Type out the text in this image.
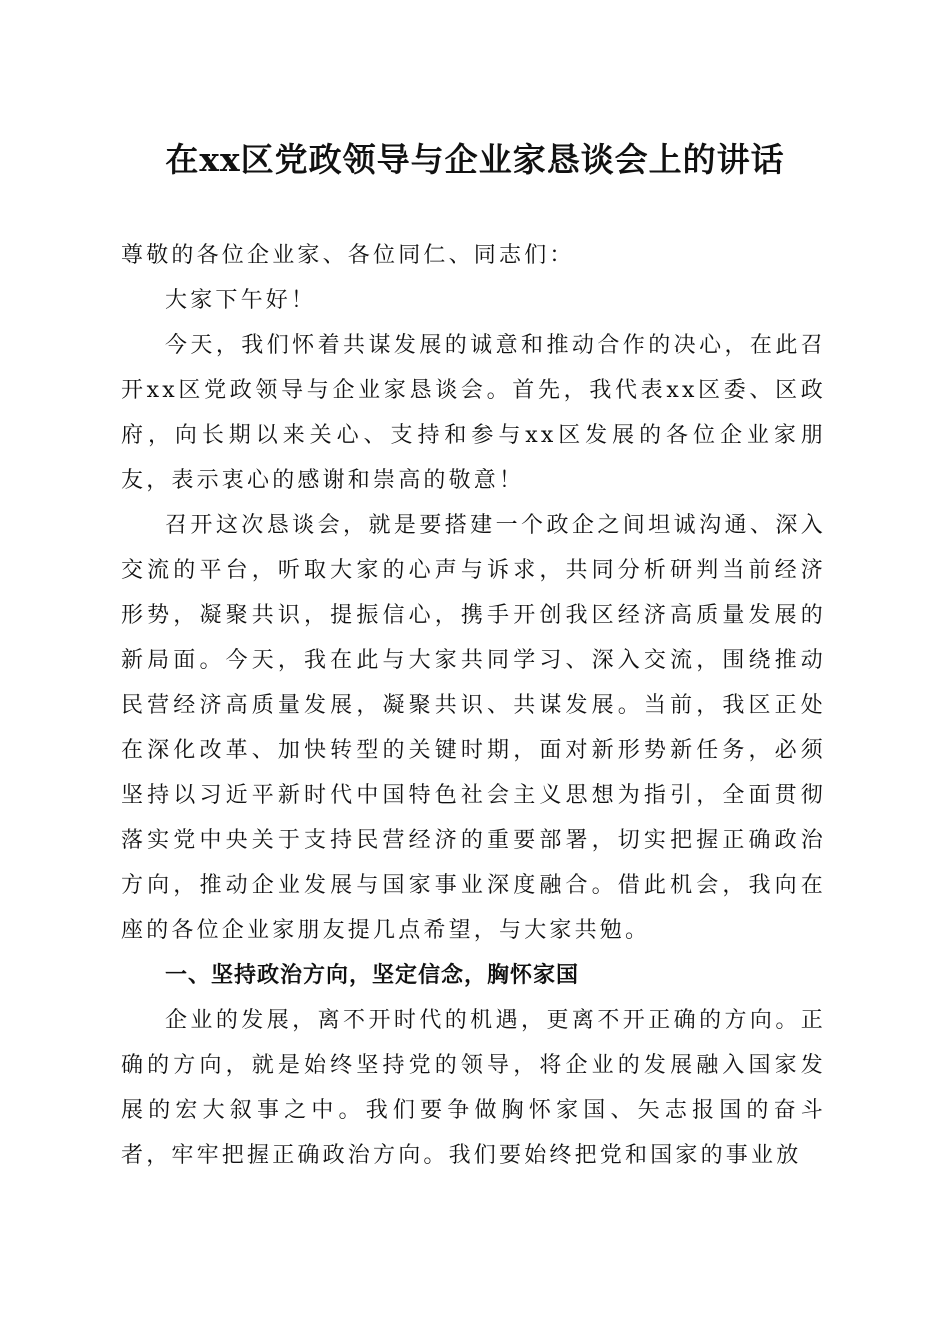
在xx区党政领导与企业家恳谈会上的讲话

尊敬的各位企业家、各位同仁、同志们：

大家下午好！

今天，我们怀着共谋发展的诚意和推动合作的决心，在此召开xx区党政领导与企业家恳谈会。首先，我代表xx区委、区政府，向长期以来关心、支持和参与xx区发展的各位企业家朋友，表示衷心的感谢和崇高的敬意！

召开这次恳谈会，就是要搭建一个政企之间坦诚沟通、深入交流的平台，听取大家的心声与诉求，共同分析研判当前经济形势，凝聚共识，提振信心，携手开创我区经济高质量发展的新局面。今天，我在此与大家共同学习、深入交流，围绕推动民营经济高质量发展，凝聚共识、共谋发展。当前，我区正处在深化改革、加快转型的关键时期，面对新形势新任务，必须坚持以习近平新时代中国特色社会主义思想为指引，全面贯彻落实党中央关于支持民营经济的重要部署，切实把握正确政治方向，推动企业发展与国家事业深度融合。借此机会，我向在座的各位企业家朋友提几点希望，与大家共勉。

一、坚持政治方向，坚定信念，胸怀家国

企业的发展，离不开时代的机遇，更离不开正确的方向。正确的方向，就是始终坚持党的领导，将企业的发展融入国家发展的宏大叙事之中。我们要争做胸怀家国、矢志报国的奋斗者，牢牢把握正确政治方向。我们要始终把党和国家的事业放
